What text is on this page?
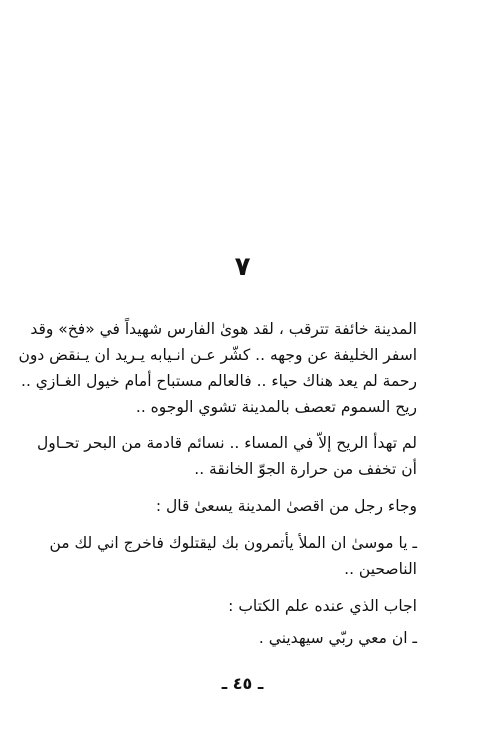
٧
المدينة خائفة تترقب ، لقد هوىٰ الفارس شهيداً في «فخ» وقد
اسفر الخليفة عن وجهه .. كشّر عـن انـيابه يـريد ان يـنقض دون
رحمة لم يعد هناك حياء .. فالعالم مستباح أمام خيول الغـازي ..
ريح السموم تعصف بالمدينة تشوي الوجوه ..
لم تهدأ الريح إلاّ في المساء .. نسائم قادمة من البحر تحـاول
أن تخفف من حرارة الجوّ الخانقة ..
وجاء رجل من اقصىٰ المدينة يسعىٰ قال :
ـ يا موسىٰ ان الملأ يأتمرون بك ليقتلوك فاخرج اني لك من
الناصحين ..
اجاب الذي عنده علم الكتاب :
ـ ان معي ربّي سيهديني .
ـ ٤٥ ـ
